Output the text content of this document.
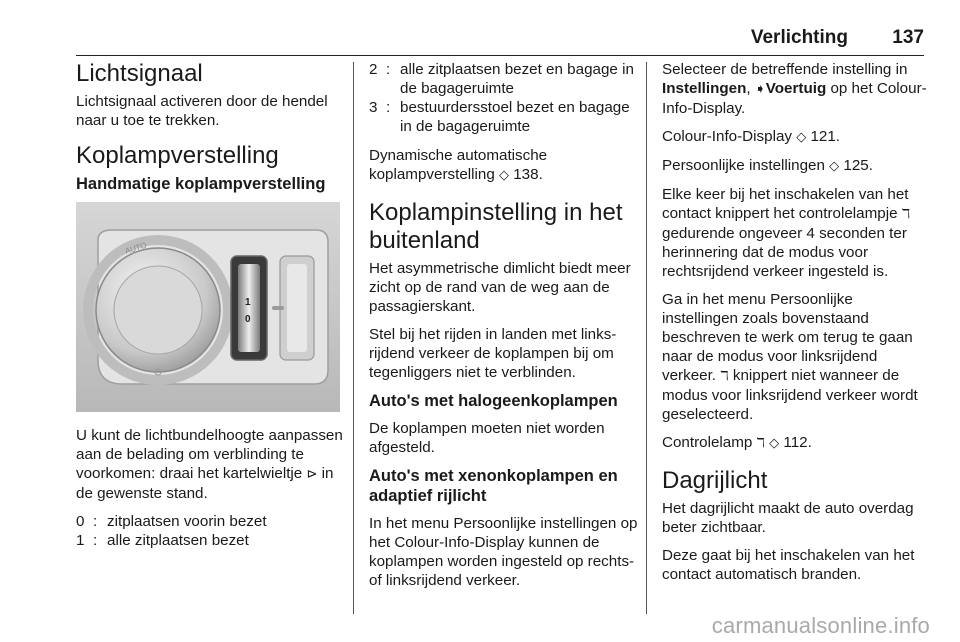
Verlichting 137
Lichtsignaal

Lichtsignaal activeren door de hendel naar u toe te trekken.

Koplampverstelling
Handmatige koplampverstelling
AUTO
1
0

U kunt de lichtbundelhoogte aanpassen aan de belading om verblinding te voorkomen: draai het kartelwieltje ⊳ in de gewenste stand.

0 : zitplaatsen voorin bezet
1 : alle zitplaatsen bezet
2 : alle zitplaatsen bezet en bagage in de bagageruimte
3 : bestuurdersstoel bezet en bagage in de bagageruimte

Dynamische automatische koplampverstelling ◇ 138.

Koplampinstelling in het buitenland

Het asymmetrische dimlicht biedt meer zicht op de rand van de weg aan de passagierskant.

Stel bij het rijden in landen met links-rijdend verkeer de koplampen bij om tegenliggers niet te verblinden.

Auto's met halogeenkoplampen

De koplampen moeten niet worden afgesteld.

Auto's met xenonkoplampen en adaptief rijlicht

In het menu Persoonlijke instellingen op het Colour-Info-Display kunnen de koplampen worden ingesteld op rechts- of linksrijdend verkeer.

Selecteer de betreffende instelling in Instellingen, ➧Voertuig op het Colour-Info-Display.

Colour-Info-Display ◇ 121.

Persoonlijke instellingen ◇ 125.

Elke keer bij het inschakelen van het contact knippert het controlelampje ℸ gedurende ongeveer 4 seconden ter herinnering dat de modus voor rechtsrijdend verkeer ingesteld is.

Ga in het menu Persoonlijke instellingen zoals bovenstaand beschreven te werk om terug te gaan naar de modus voor linksrijdend verkeer. ℸ knippert niet wanneer de modus voor linksrijdend verkeer wordt geselecteerd.

Controlelamp ℸ ◇ 112.

Dagrijlicht

Het dagrijlicht maakt de auto overdag beter zichtbaar.

Deze gaat bij het inschakelen van het contact automatisch branden.

carmanualsonline.info
